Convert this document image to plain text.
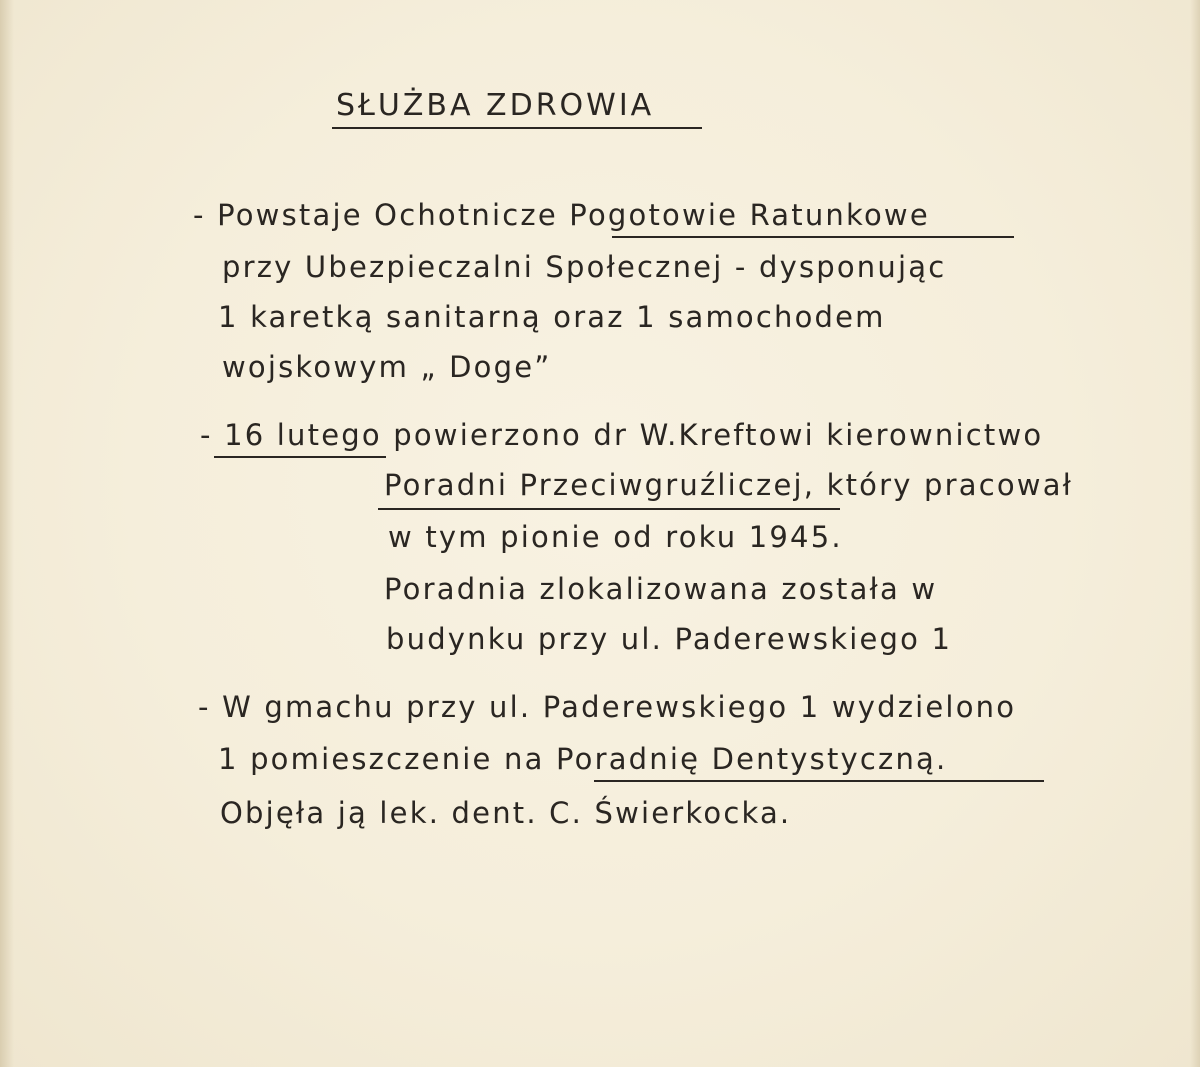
SŁUŻBA ZDROWIA
- Powstaje Ochotnicze Pogotowie Ratunkowe
przy Ubezpieczalni Społecznej - dysponując
1 karetką sanitarną oraz 1 samochodem
wojskowym „ Doge”
- 16 lutego powierzono dr W.Kreftowi kierownictwo
Poradni Przeciwgruźliczej, który pracował
w tym pionie od roku 1945.
Poradnia zlokalizowana została w
budynku przy ul. Paderewskiego 1
- W gmachu przy ul. Paderewskiego 1 wydzielono
1 pomieszczenie na Poradnię Dentystyczną.
Objęła ją lek. dent. C. Świerkocka.
